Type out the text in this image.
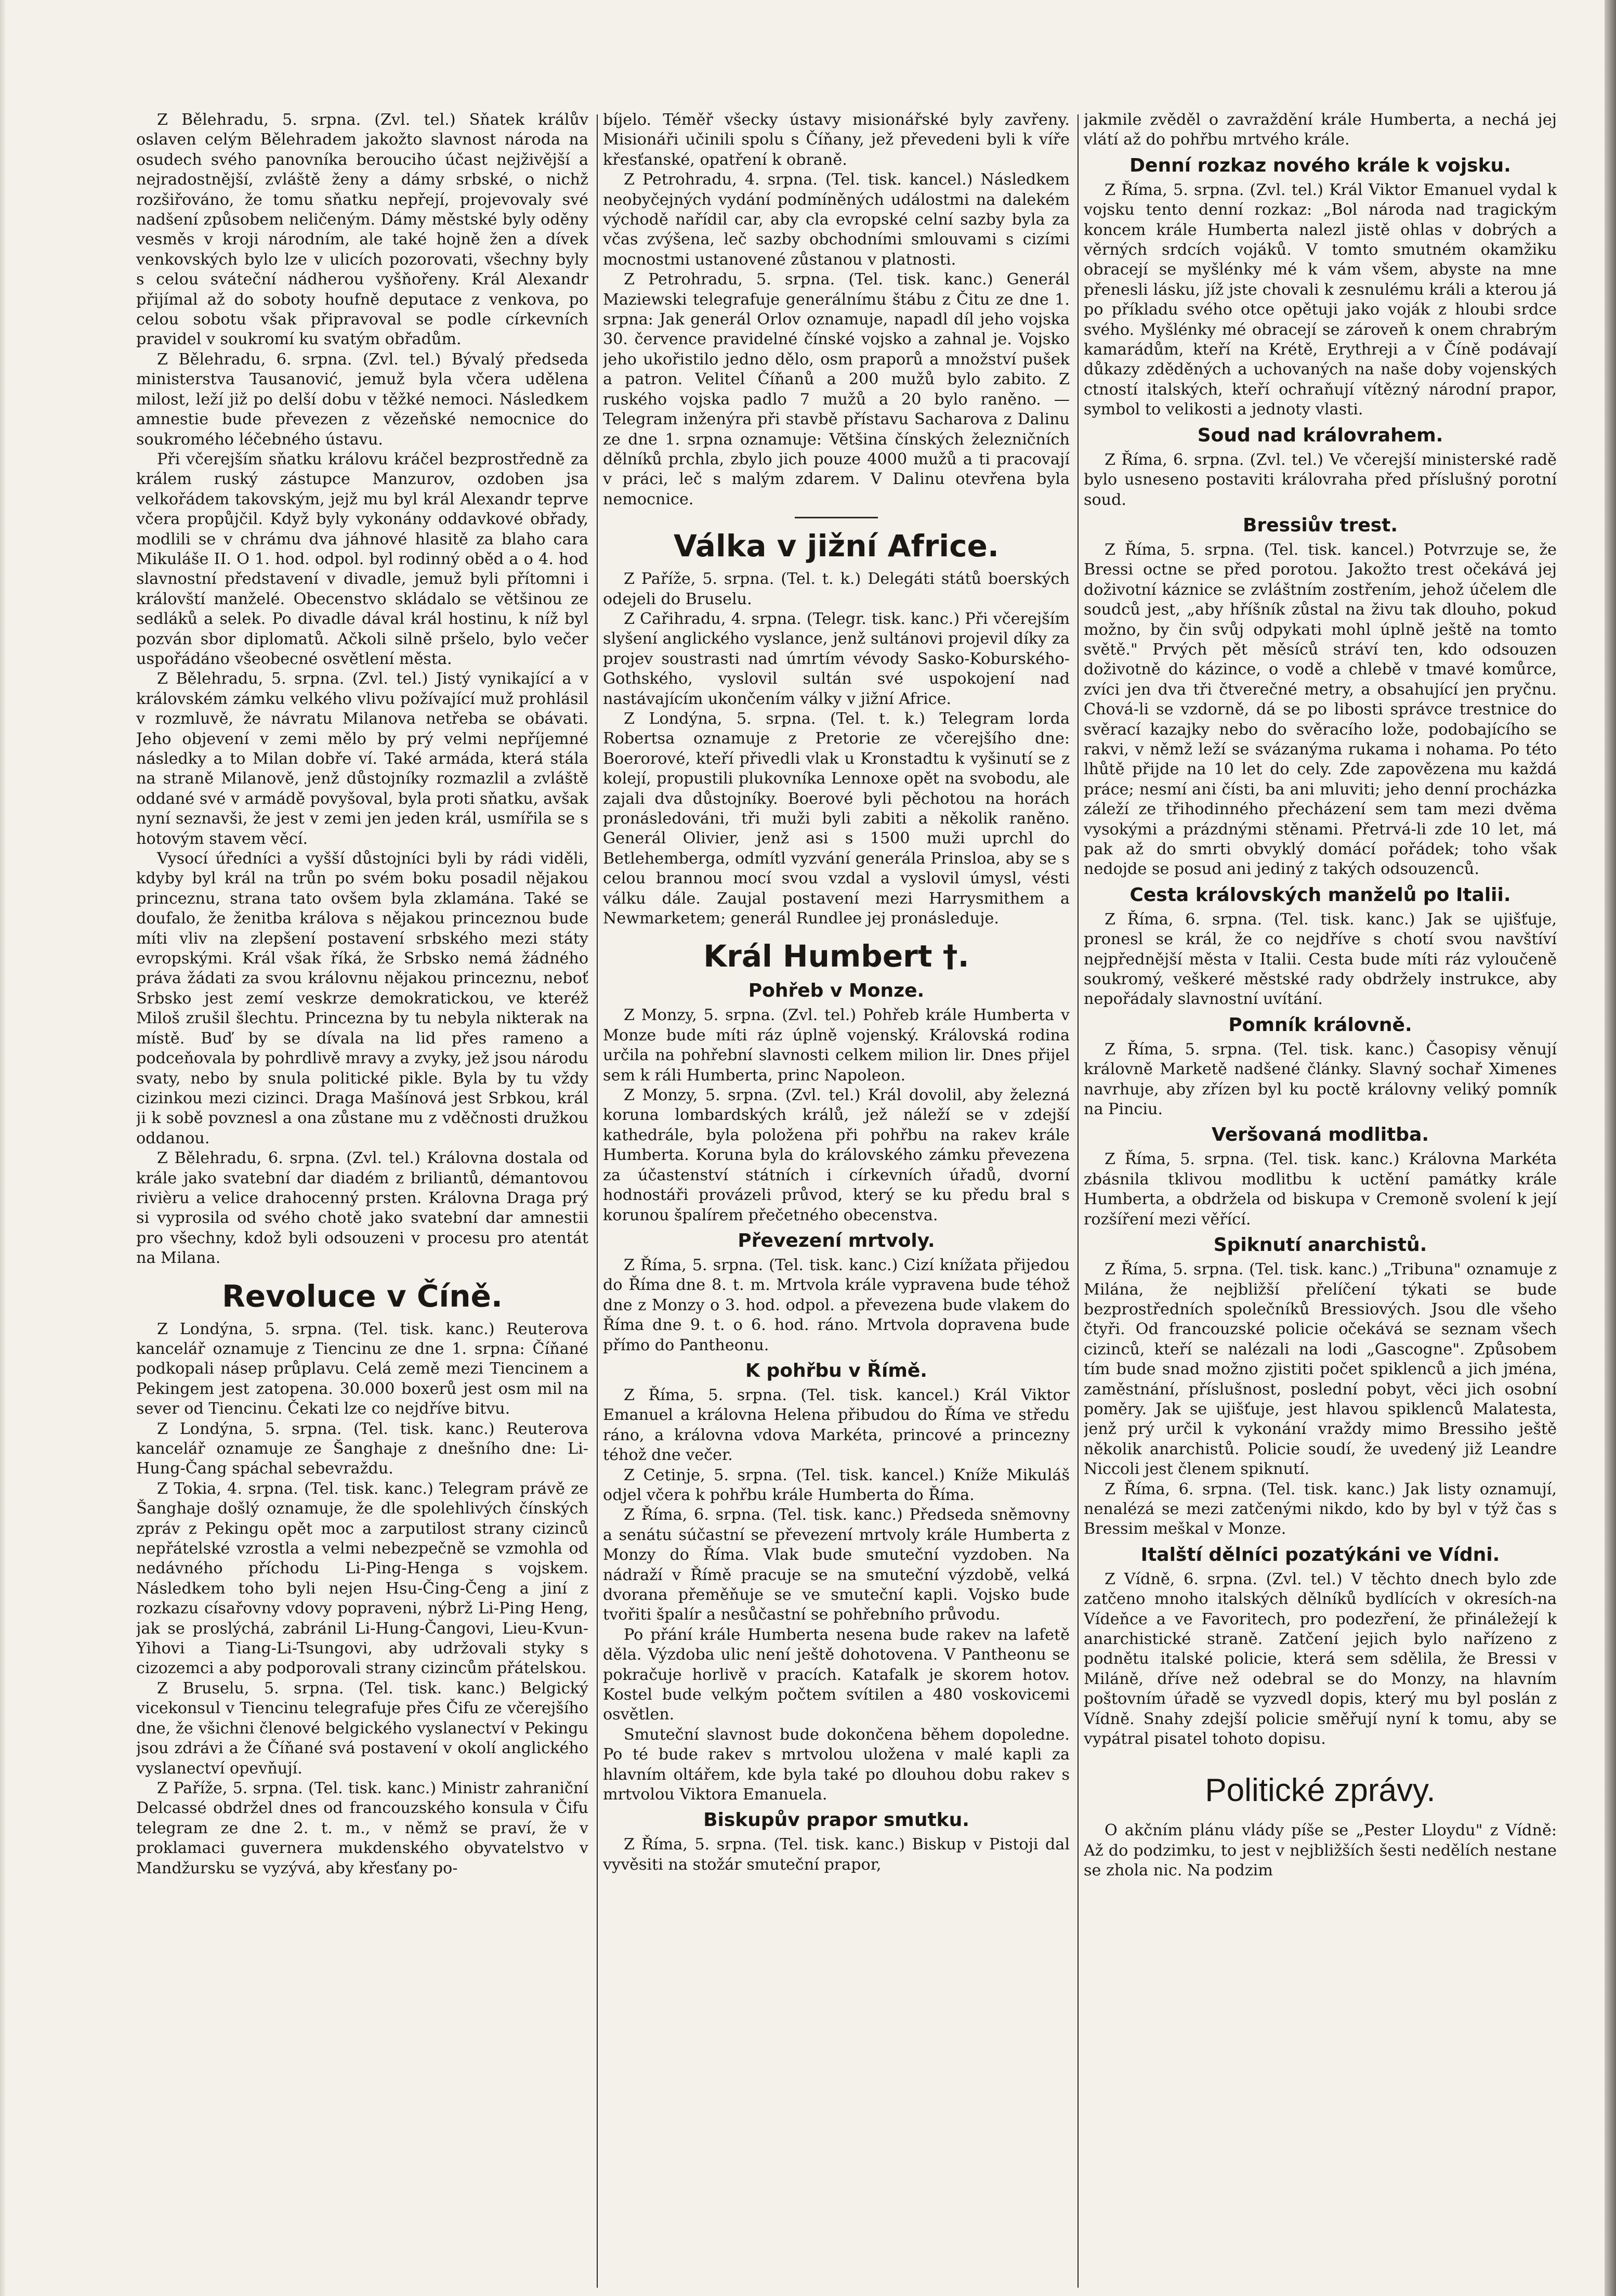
Z Bělehradu, 5. srpna. (Zvl. tel.) Sňatek králův oslaven celým Bělehradem jakožto slavnost národa na osudech svého panovníka berouciho účast nejživější a nejradostnější, zvláště ženy a dámy srbské, o nichž rozšiřováno, že tomu sňatku nepřejí, projevovaly své nadšení způsobem neličeným. Dámy městské byly oděny vesměs v kroji národním, ale také hojně žen a dívek venkovských bylo lze v ulicích pozorovati, všechny byly s celou sváteční nádherou vyšňořeny. Král Alexandr přijímal až do soboty houfně deputace z venkova, po celou sobotu však připravoval se podle církevních pravidel v soukromí ku svatým obřadům.

Z Bělehradu, 6. srpna. (Zvl. tel.) Bývalý předseda ministerstva Tausanović, jemuž byla včera udělena milost, leží již po delší dobu v těžké nemoci. Následkem amnestie bude převezen z vězeňské nemocnice do soukromého léčebného ústavu.

Při včerejším sňatku královu kráčel bezprostředně za králem ruský zástupce Manzurov, ozdoben jsa velkořádem takovským, jejž mu byl král Alexandr teprve včera propůjčil. Když byly vykonány oddavkové obřady, modlili se v chrámu dva jáhnové hlasitě za blaho cara Mikuláše II. O 1. hod. odpol. byl rodinný oběd a o 4. hod slavnostní představení v divadle, jemuž byli přítomni i královští manželé. Obecenstvo skládalo se většinou ze sedláků a selek. Po divadle dával král hostinu, k níž byl pozván sbor diplomatů. Ačkoli silně pršelo, bylo večer uspořádáno všeobecné osvětlení města.

Z Bělehradu, 5. srpna. (Zvl. tel.) Jistý vynikající a v královském zámku velkého vlivu požívající muž prohlásil v rozmluvě, že návratu Milanova netřeba se obávati. Jeho objevení v zemi mělo by prý velmi nepříjemné následky a to Milan dobře ví. Také armáda, která stála na straně Milanově, jenž důstojníky rozmazlil a zvláště oddané své v armádě povyšoval, byla proti sňatku, avšak nyní seznavši, že jest v zemi jen jeden král, usmířila se s hotovým stavem věcí.

Vysocí úředníci a vyšší důstojníci byli by rádi viděli, kdyby byl král na trůn po svém boku posadil nějakou princeznu, strana tato ovšem byla zklamána. Také se doufalo, že ženitba králova s nějakou princeznou bude míti vliv na zlepšení postavení srbského mezi státy evropskými. Král však říká, že Srbsko nemá žádného práva žádati za svou královnu nějakou princeznu, neboť Srbsko jest zemí veskrze demokratickou, ve kteréž Miloš zrušil šlechtu. Princezna by tu nebyla nikterak na místě. Buď by se dívala na lid přes rameno a podceňovala by pohrdlivě mravy a zvyky, jež jsou národu svaty, nebo by snula politické pikle. Byla by tu vždy cizinkou mezi cizinci. Draga Mašínová jest Srbkou, král ji k sobě povznesl a ona zůstane mu z vděčnosti družkou oddanou.

Z Bělehradu, 6. srpna. (Zvl. tel.) Královna dostala od krále jako svatební dar diadém z briliantů, démantovou rivièru a velice drahocenný prsten. Královna Draga prý si vyprosila od svého chotě jako svatební dar amnestii pro všechny, kdož byli odsouzeni v procesu pro atentát na Milana.

Revoluce v Číně.

Z Londýna, 5. srpna. (Tel. tisk. kanc.) Reuterova kancelář oznamuje z Tiencinu ze dne 1. srpna: Číňané podkopali násep průplavu. Celá země mezi Tiencinem a Pekingem jest zatopena. 30.000 boxerů jest osm mil na sever od Tiencinu. Čekati lze co nejdříve bitvu.

Z Londýna, 5. srpna. (Tel. tisk. kanc.) Reuterova kancelář oznamuje ze Šanghaje z dnešního dne: Li-Hung-Čang spáchal sebevraždu.

Z Tokia, 4. srpna. (Tel. tisk. kanc.) Telegram právě ze Šanghaje došlý oznamuje, že dle spolehlivých čínských zpráv z Pekingu opět moc a zarputilost strany cizinců nepřátelské vzrostla a velmi nebezpečně se vzmohla od nedávného příchodu Li-Ping-Henga s vojskem. Následkem toho byli nejen Hsu-Čing-Čeng a jiní z rozkazu císařovny vdovy popraveni, nýbrž Li-Ping Heng, jak se proslýchá, zabránil Li-Hung-Čangovi, Lieu-Kvun-Yihovi a Tiang-Li-Tsungovi, aby udržovali styky s cizozemci a aby podporovali strany cizincům přátelskou.

Z Bruselu, 5. srpna. (Tel. tisk. kanc.) Belgický vicekonsul v Tiencinu telegrafuje přes Čifu ze včerejšího dne, že všichni členové belgického vyslanectví v Pekingu jsou zdrávi a že Číňané svá postavení v okolí anglického vyslanectví opevňují.

Z Paříže, 5. srpna. (Tel. tisk. kanc.) Ministr zahraniční Delcassé obdržel dnes od francouzského konsula v Čifu telegram ze dne 2. t. m., v němž se praví, že v proklamaci guvernera mukdenského obyvatelstvo v Mandžursku se vyzývá, aby křesťany po-

bíjelo. Téměř všecky ústavy misionářské byly zavřeny. Misionáři učinili spolu s Číňany, jež převedeni byli k víře křesťanské, opatření k obraně.

Z Petrohradu, 4. srpna. (Tel. tisk. kancel.) Následkem neobyčejných vydání podmíněných událostmi na dalekém východě nařídil car, aby cla evropské celní sazby byla za včas zvýšena, leč sazby obchodními smlouvami s cizími mocnostmi ustanovené zůstanou v platnosti.

Z Petrohradu, 5. srpna. (Tel. tisk. kanc.) Generál Maziewski telegrafuje generálnímu štábu z Čitu ze dne 1. srpna: Jak generál Orlov oznamuje, napadl díl jeho vojska 30. července pravidelné čínské vojsko a zahnal je. Vojsko jeho ukořistilo jedno dělo, osm praporů a množství pušek a patron. Velitel Číňanů a 200 mužů bylo zabito. Z ruského vojska padlo 7 mužů a 20 bylo raněno. — Telegram inženýra při stavbě přístavu Sacharova z Dalinu ze dne 1. srpna oznamuje: Většina čínských železničních dělníků prchla, zbylo jich pouze 4000 mužů a ti pracovají v práci, leč s malým zdarem. V Dalinu otevřena byla nemocnice.

Válka v jižní Africe.

Z Paříže, 5. srpna. (Tel. t. k.) Delegáti států boerských odejeli do Bruselu.

Z Cařihradu, 4. srpna. (Telegr. tisk. kanc.) Při včerejším slyšení anglického vyslance, jenž sultánovi projevil díky za projev soustrasti nad úmrtím vévody Sasko-Koburského-Gothského, vyslovil sultán své uspokojení nad nastávajícím ukončením války v jižní Africe.

Z Londýna, 5. srpna. (Tel. t. k.) Telegram lorda Robertsa oznamuje z Pretorie ze včerejšího dne: Boerorové, kteří přivedli vlak u Kronstadtu k vyšinutí se z kolejí, propustili plukovníka Lennoxe opět na svobodu, ale zajali dva důstojníky. Boerové byli pěchotou na horách pronásledováni, tři muži byli zabiti a několik raněno. Generál Olivier, jenž asi s 1500 muži uprchl do Betlehemberga, odmítl vyzvání generála Prinsloa, aby se s celou brannou mocí svou vzdal a vyslovil úmysl, vésti válku dále. Zaujal postavení mezi Harrysmithem a Newmarketem; generál Rundlee jej pronásleduje.

Král Humbert †.
Pohřeb v Monze.

Z Monzy, 5. srpna. (Zvl. tel.) Pohřeb krále Humberta v Monze bude míti ráz úplně vojenský. Královská rodina určila na pohřební slavnosti celkem milion lir. Dnes přijel sem k ráli Humberta, princ Napoleon.

Z Monzy, 5. srpna. (Zvl. tel.) Král dovolil, aby železná koruna lombardských králů, jež náleží se v zdejší kathedrále, byla položena při pohřbu na rakev krále Humberta. Koruna byla do královského zámku převezena za účastenství státních i církevních úřadů, dvorní hodnostáři provázeli průvod, který se ku předu bral s korunou špalírem přečetného obecenstva.

Převezení mrtvoly.

Z Říma, 5. srpna. (Tel. tisk. kanc.) Cizí knížata přijedou do Říma dne 8. t. m. Mrtvola krále vypravena bude téhož dne z Monzy o 3. hod. odpol. a převezena bude vlakem do Říma dne 9. t. o 6. hod. ráno. Mrtvola dopravena bude přímo do Pantheonu.

K pohřbu v Římě.

Z Říma, 5. srpna. (Tel. tisk. kancel.) Král Viktor Emanuel a královna Helena přibudou do Říma ve středu ráno, a královna vdova Markéta, princové a princezny téhož dne večer.

Z Cetinje, 5. srpna. (Tel. tisk. kancel.) Kníže Mikuláš odjel včera k pohřbu krále Humberta do Říma.

Z Říma, 6. srpna. (Tel. tisk. kanc.) Předseda sněmovny a senátu súčastní se převezení mrtvoly krále Humberta z Monzy do Říma. Vlak bude smuteční vyzdoben. Na nádraží v Římě pracuje se na smuteční výzdobě, velká dvorana přeměňuje se ve smuteční kapli. Vojsko bude tvořiti špalír a nesůčastní se pohřebního průvodu.

Po přání krále Humberta nesena bude rakev na lafetě děla. Výzdoba ulic není ještě dohotovena. V Pantheonu se pokračuje horlivě v pracích. Katafalk je skorem hotov. Kostel bude velkým počtem svítilen a 480 voskovicemi osvětlen.

Smuteční slavnost bude dokončena během dopoledne. Po té bude rakev s mrtvolou uložena v malé kapli za hlavním oltářem, kde byla také po dlouhou dobu rakev s mrtvolou Viktora Emanuela.

Biskupův prapor smutku.

Z Říma, 5. srpna. (Tel. tisk. kanc.) Biskup v Pistoji dal vyvěsiti na stožár smuteční prapor,

jakmile zvěděl o zavraždění krále Humberta, a nechá jej vlátí až do pohřbu mrtvého krále.

Denní rozkaz nového krále k vojsku.

Z Říma, 5. srpna. (Zvl. tel.) Král Viktor Emanuel vydal k vojsku tento denní rozkaz: „Bol národa nad tragickým koncem krále Humberta nalezl jistě ohlas v dobrých a věrných srdcích vojáků. V tomto smutném okamžiku obracejí se myšlénky mé k vám všem, abyste na mne přenesli lásku, jíž jste chovali k zesnulému králi a kterou já po příkladu svého otce opětuji jako voják z hloubi srdce svého. Myšlénky mé obracejí se zároveň k onem chrabrým kamarádům, kteří na Krétě, Erythreji a v Číně podávají důkazy zděděných a uchovaných na naše doby vojenských ctností italských, kteří ochraňují vítězný národní prapor, symbol to velikosti a jednoty vlasti.

Soud nad královrahem.

Z Říma, 6. srpna. (Zvl. tel.) Ve včerejší ministerské radě bylo usneseno postaviti královraha před příslušný porotní soud.

Bressiův trest.

Z Říma, 5. srpna. (Tel. tisk. kancel.) Potvrzuje se, že Bressi octne se před porotou. Jakožto trest očekává jej doživotní káznice se zvláštním zostřením, jehož účelem dle soudců jest, „aby hříšník zůstal na živu tak dlouho, pokud možno, by čin svůj odpykati mohl úplně ještě na tomto světě." Prvých pět měsíců stráví ten, kdo odsouzen doživotně do kázince, o vodě a chlebě v tmavé komůrce, zvíci jen dva tři čtverečné metry, a obsahující jen pryčnu. Chová-li se vzdorně, dá se po libosti správce trestnice do svěrací kazajky nebo do svěracího lože, podobajícího se rakvi, v němž leží se svázanýma rukama i nohama. Po této lhůtě přijde na 10 let do cely. Zde zapovězena mu každá práce; nesmí ani čísti, ba ani mluviti; jeho denní procházka záleží ze třihodinného přecházení sem tam mezi dvěma vysokými a prázdnými stěnami. Přetrvá-li zde 10 let, má pak až do smrti obvyklý domácí pořádek; toho však nedojde se posud ani jediný z takých odsouzenců.

Cesta královských manželů po Italii.

Z Říma, 6. srpna. (Tel. tisk. kanc.) Jak se ujišťuje, pronesl se král, že co nejdříve s chotí svou navštíví nejpřednější města v Italii. Cesta bude míti ráz vyloučeně soukromý, veškeré městské rady obdržely instrukce, aby nepořádaly slavnostní uvítání.

Pomník královně.

Z Říma, 5. srpna. (Tel. tisk. kanc.) Časopisy věnují královně Marketě nadšené články. Slavný sochař Ximenes navrhuje, aby zřízen byl ku poctě královny veliký pomník na Pinciu.

Veršovaná modlitba.

Z Říma, 5. srpna. (Tel. tisk. kanc.) Královna Markéta zbásnila tklivou modlitbu k uctění památky krále Humberta, a obdržela od biskupa v Cremoně svolení k její rozšíření mezi věřící.

Spiknutí anarchistů.

Z Říma, 5. srpna. (Tel. tisk. kanc.) „Tribuna" oznamuje z Milána, že nejbližší přelíčení týkati se bude bezprostředních společníků Bressiových. Jsou dle všeho čtyři. Od francouzské policie očekává se seznam všech cizinců, kteří se nalézali na lodi „Gascogne". Způsobem tím bude snad možno zjistiti počet spiklenců a jich jména, zaměstnání, příslušnost, poslední pobyt, věci jich osobní poměry. Jak se ujišťuje, jest hlavou spiklenců Malatesta, jenž prý určil k vykonání vraždy mimo Bressiho ještě několik anarchistů. Policie soudí, že uvedený již Leandre Niccoli jest členem spiknutí.

Z Říma, 6. srpna. (Tel. tisk. kanc.) Jak listy oznamují, nenalézá se mezi zatčenými nikdo, kdo by byl v týž čas s Bressim meškal v Monze.

Italští dělníci pozatýkáni ve Vídni.

Z Vídně, 6. srpna. (Zvl. tel.) V těchto dnech bylo zde zatčeno mnoho italských dělníků bydlících v okresích-na Vídeňce a ve Favoritech, pro podezření, že přináležejí k anarchistické straně. Zatčení jejich bylo nařízeno z podnětu italské policie, která sem sdělila, že Bressi v Miláně, dříve než odebral se do Monzy, na hlavním poštovním úřadě se vyzvedl dopis, který mu byl poslán z Vídně. Snahy zdejší policie směřují nyní k tomu, aby se vypátral pisatel tohoto dopisu.

Politické zprávy.

O akčním plánu vlády píše se „Pester Lloydu" z Vídně: Až do podzimku, to jest v nejbližších šesti nedělích nestane se zhola nic. Na podzim
